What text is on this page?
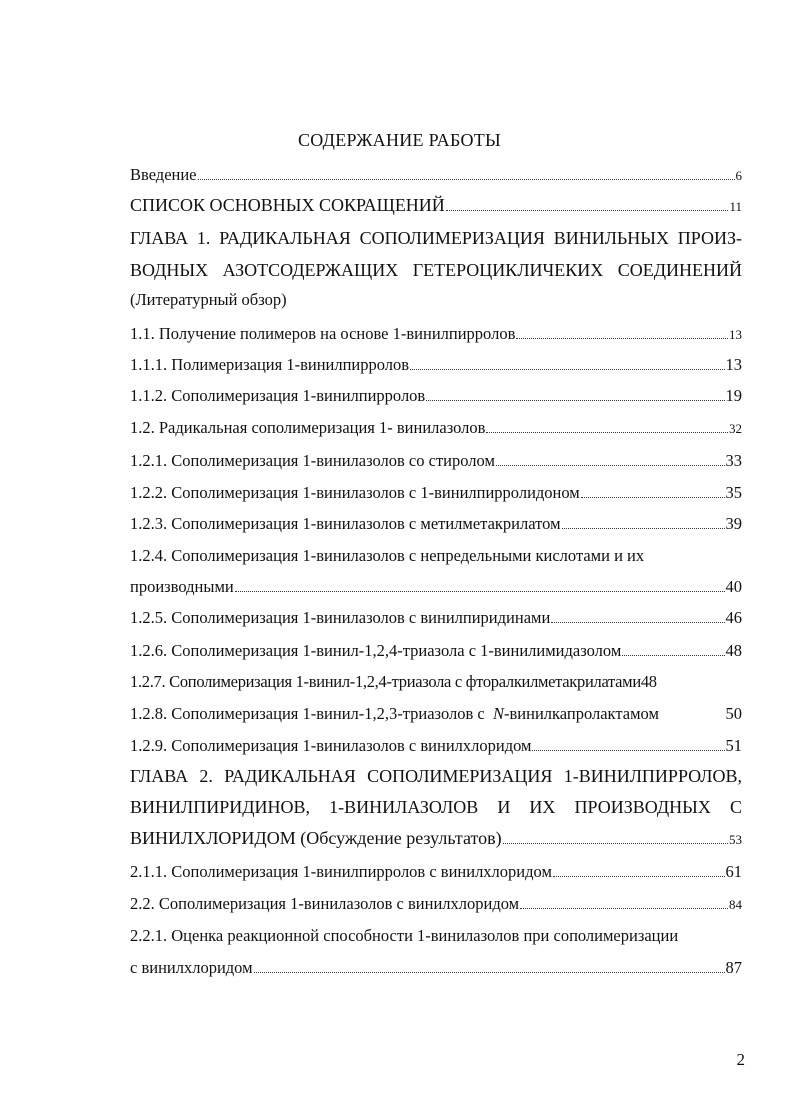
СОДЕРЖАНИЕ РАБОТЫ
Введение	6
СПИСОК ОСНОВНЫХ СОКРАЩЕНИЙ	11
ГЛАВА 1. РАДИКАЛЬНАЯ СОПОЛИМЕРИЗАЦИЯ ВИНИЛЬНЫХ ПРОИЗ-
ВОДНЫХ АЗОТСОДЕРЖАЩИХ ГЕТЕРОЦИКЛИЧЕКИХ СОЕДИНЕНИЙ
(Литературный обзор)
1.1. Получение полимеров на основе 1-винилпирролов	13
1.1.1. Полимеризация 1-винилпирролов	13
1.1.2. Сополимеризация 1-винилпирролов	19
1.2. Радикальная сополимеризация 1- винилазолов	32
1.2.1. Сополимеризация 1-винилазолов со стиролом	33
1.2.2. Сополимеризация 1-винилазолов с 1-винилпирролидоном	35
1.2.3. Сополимеризация 1-винилазолов с метилметакрилатом	39
1.2.4. Сополимеризация 1-винилазолов с непредельными кислотами и их
производными	40
1.2.5. Сополимеризация 1-винилазолов с винилпиридинами	46
1.2.6. Сополимеризация 1-винил-1,2,4-триазола с 1-винилимидазолом	48
1.2.7. Сополимеризация 1-винил-1,2,4-триазола с фторалкилметакрилатами 48
1.2.8. Сополимеризация 1-винил-1,2,3-триазолов с  N-винилкапролактамом	50
1.2.9. Сополимеризация 1-винилазолов с винилхлоридом	51
ГЛАВА 2. РАДИКАЛЬНАЯ СОПОЛИМЕРИЗАЦИЯ 1-ВИНИЛПИРРОЛОВ,
ВИНИЛПИРИДИНОВ, 1-ВИНИЛАЗОЛОВ И ИХ ПРОИЗВОДНЫХ С
ВИНИЛХЛОРИДОМ (Обсуждение результатов)	53
2.1.1. Сополимеризация 1-винилпирролов с винилхлоридом	61
2.2. Сополимеризация 1-винилазолов с винилхлоридом	84
2.2.1. Оценка реакционной способности 1-винилазолов при сополимеризации
с винилхлоридом	87
2
